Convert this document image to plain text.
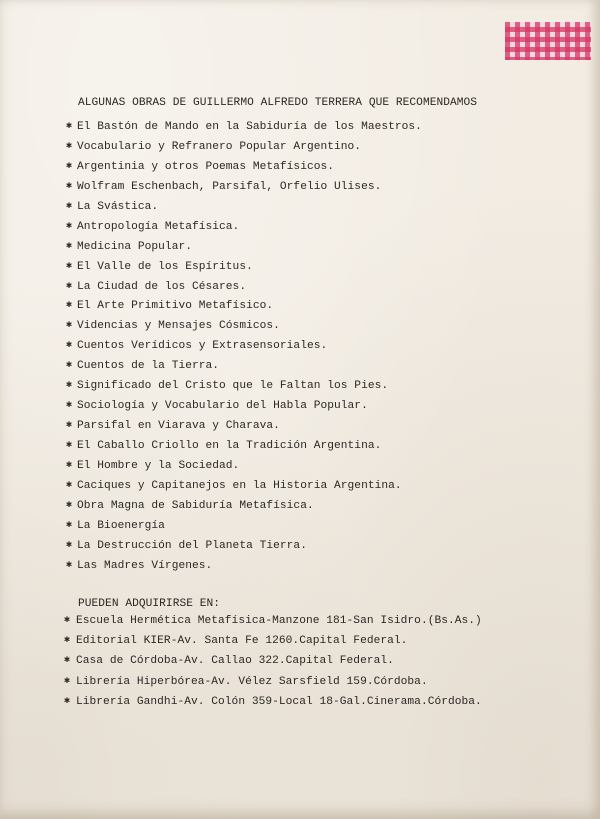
ALGUNAS OBRAS DE GUILLERMO ALFREDO TERRERA QUE RECOMENDAMOS
✱ El Bastón de Mando en la Sabiduría de los Maestros.
✱ Vocabulario y Refranero Popular Argentino.
✱ Argentinia y otros Poemas Metafísicos.
✱ Wolfram Eschenbach, Parsifal, Orfelio Ulises.
✱ La Svástica.
✱ Antropología Metafísica.
✱ Medicina Popular.
✱ El Valle de los Espíritus.
✱ La Ciudad de los Césares.
✱ El Arte Primitivo Metafísico.
✱ Videncias y Mensajes Cósmicos.
✱ Cuentos Verídicos y Extrasensoriales.
✱ Cuentos de la Tierra.
✱ Significado del Cristo que le Faltan los Pies.
✱ Sociología y Vocabulario del Habla Popular.
✱ Parsifal en Viarava y Charava.
✱ El Caballo Criollo en la Tradición Argentina.
✱ El Hombre y la Sociedad.
✱ Caciques y Capitanejos en la Historia Argentina.
✱ Obra Magna de Sabiduría Metafísica.
✱ La Bioenergía
✱ La Destrucción del Planeta Tierra.
✱ Las Madres Vírgenes.
PUEDEN ADQUIRIRSE EN:
✱ Escuela Hermética Metafísica-Manzone 181-San Isidro.(Bs.As.)
✱ Editorial KIER-Av. Santa Fe 1260.Capital Federal.
✱ Casa de Córdoba-Av. Callao 322.Capital Federal.
✱ Librería Hiperbórea-Av. Vélez Sarsfield 159.Córdoba.
✱ Librería Gandhi-Av. Colón 359-Local 18-Gal.Cinerama.Córdoba.
